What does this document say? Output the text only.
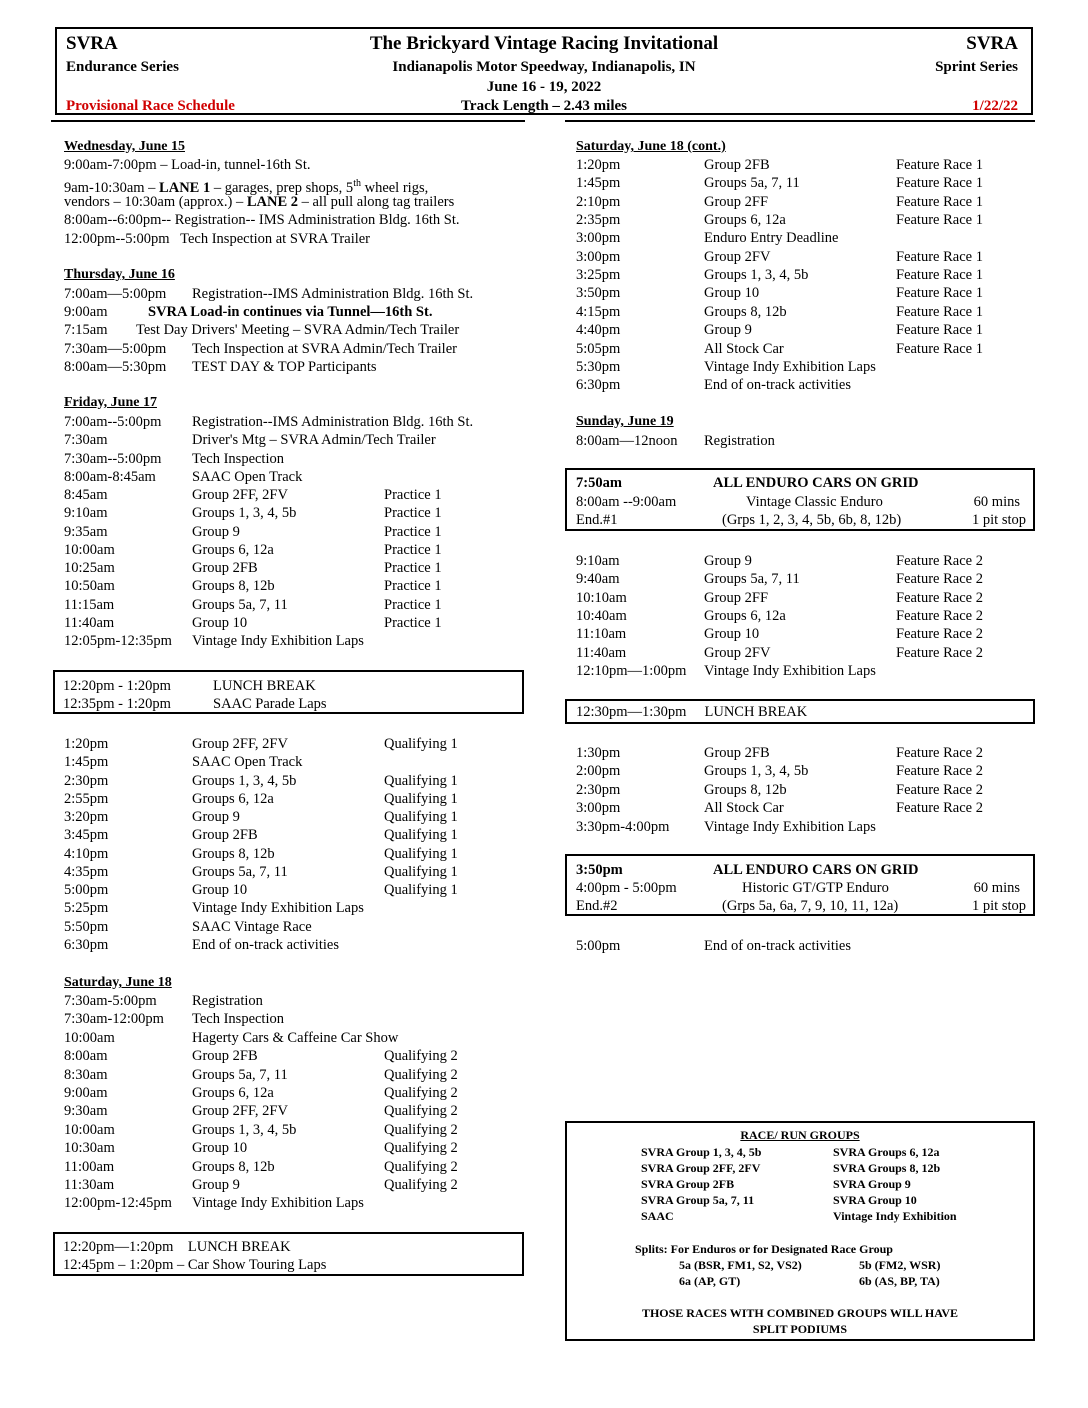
SVRA
Endurance Series
Provisional Race Schedule
The Brickyard Vintage Racing Invitational
Indianapolis Motor Speedway, Indianapolis, IN
June 16 - 19, 2022
Track Length – 2.43 miles
SVRA
Sprint Series
1/22/22
Wednesday, June 15
9:00am-7:00pm – Load-in, tunnel-16th St.
9am-10:30am – LANE 1 – garages, prep shops, 5th wheel rigs,
vendors – 10:30am (approx.) – LANE 2 – all pull along tag trailers
8:00am--6:00pm-- Registration-- IMS Administration Bldg. 16th St.
12:00pm--5:00pm   Tech Inspection at SVRA Trailer
Thursday, June 16
7:00am—5:00pm Registration--IMS Administration Bldg. 16th St.
9:00am	SVRA Load-in continues via Tunnel—16th St.
7:15am Test Day Drivers' Meeting – SVRA Admin/Tech Trailer
7:30am—5:00pm Tech Inspection at SVRA Admin/Tech Trailer
8:00am—5:30pm TEST DAY & TOP Participants
Friday, June 17
7:00am--5:00pm Registration--IMS Administration Bldg. 16th St.
7:30am	Driver's Mtg – SVRA Admin/Tech Trailer
7:30am--5:00pm Tech Inspection
8:00am-8:45am SAAC Open Track
8:45am	Group 2FF, 2FV	Practice 1
9:10am	Groups 1, 3, 4, 5b	Practice 1
9:35am	Group 9	Practice 1
10:00am	Groups 6, 12a	Practice 1
10:25am	Group 2FB	Practice 1
10:50am	Groups 8, 12b	Practice 1
11:15am	Groups 5a, 7, 11	Practice 1
11:40am	Group 10	Practice 1
12:05pm-12:35pm Vintage Indy Exhibition Laps
12:20pm - 1:20pm	LUNCH BREAK
12:35pm - 1:20pm	SAAC Parade Laps
1:20pm	Group 2FF, 2FV	Qualifying 1
1:45pm	SAAC Open Track
2:30pm	Groups 1, 3, 4, 5b	Qualifying 1
2:55pm	Groups 6, 12a	Qualifying 1
3:20pm	Group 9	Qualifying 1
3:45pm	Group 2FB	Qualifying 1
4:10pm	Groups 8, 12b	Qualifying 1
4:35pm	Groups 5a, 7, 11	Qualifying 1
5:00pm	Group 10	Qualifying 1
5:25pm	Vintage Indy Exhibition Laps
5:50pm	SAAC Vintage Race
6:30pm	End of on-track activities
Saturday, June 18
7:30am-5:00pm Registration
7:30am-12:00pm Tech Inspection
10:00am	Hagerty Cars & Caffeine Car Show
8:00am	Group 2FB	Qualifying 2
8:30am	Groups 5a, 7, 11	Qualifying 2
9:00am	Groups 6, 12a	Qualifying 2
9:30am	Group 2FF, 2FV	Qualifying 2
10:00am	Groups 1, 3, 4, 5b	Qualifying 2
10:30am	Group 10	Qualifying 2
11:00am	Groups 8, 12b	Qualifying 2
11:30am	Group 9	Qualifying 2
12:00pm-12:45pm Vintage Indy Exhibition Laps
12:20pm—1:20pm    LUNCH BREAK
12:45pm – 1:20pm – Car Show Touring Laps
Saturday, June 18 (cont.)
1:20pm	Group 2FB	Feature Race 1
1:45pm	Groups 5a, 7, 11	Feature Race 1
2:10pm	Group 2FF	Feature Race 1
2:35pm	Groups 6, 12a	Feature Race 1
3:00pm	Enduro Entry Deadline
3:00pm	Group 2FV	Feature Race 1
3:25pm	Groups 1, 3, 4, 5b	Feature Race 1
3:50pm	Group 10	Feature Race 1
4:15pm	Groups 8, 12b	Feature Race 1
4:40pm	Group 9	Feature Race 1
5:05pm	All Stock Car	Feature Race 1
5:30pm	Vintage Indy Exhibition Laps
6:30pm	End of on-track activities
Sunday, June 19
8:00am—12noon Registration
7:50am	ALL ENDURO CARS ON GRID
8:00am --9:00am	Vintage Classic Enduro	60 mins
End.#1	(Grps 1, 2, 3, 4, 5b, 6b, 8, 12b)	1 pit stop
9:10am	Group 9	Feature Race 2
9:40am	Groups 5a, 7, 11	Feature Race 2
10:10am	Group 2FF	Feature Race 2
10:40am	Groups 6, 12a	Feature Race 2
11:10am	Group 10	Feature Race 2
11:40am	Group 2FV	Feature Race 2
12:10pm—1:00pm Vintage Indy Exhibition Laps
12:30pm—1:30pm     LUNCH BREAK
1:30pm	Group 2FB	Feature Race 2
2:00pm	Groups 1, 3, 4, 5b	Feature Race 2
2:30pm	Groups 8, 12b	Feature Race 2
3:00pm	All Stock Car	Feature Race 2
3:30pm-4:00pm Vintage Indy Exhibition Laps
3:50pm	ALL ENDURO CARS ON GRID
4:00pm - 5:00pm	Historic GT/GTP Enduro	60 mins
End.#2	(Grps 5a, 6a, 7, 9, 10, 11, 12a)	1 pit stop
5:00pm	End of on-track activities
RACE/ RUN GROUPS
SVRA Group 1, 3, 4, 5b
SVRA Group 2FF, 2FV
SVRA Group 2FB
SVRA Group 5a, 7, 11
SAAC
SVRA Groups 6, 12a
SVRA Groups 8, 12b
SVRA Group 9
SVRA Group 10
Vintage Indy Exhibition
Splits: For Enduros or for Designated Race Group
5a (BSR, FM1, S2, VS2)
6a (AP, GT)
5b (FM2, WSR)
6b (AS, BP, TA)
THOSE RACES WITH COMBINED GROUPS WILL HAVE
SPLIT PODIUMS
